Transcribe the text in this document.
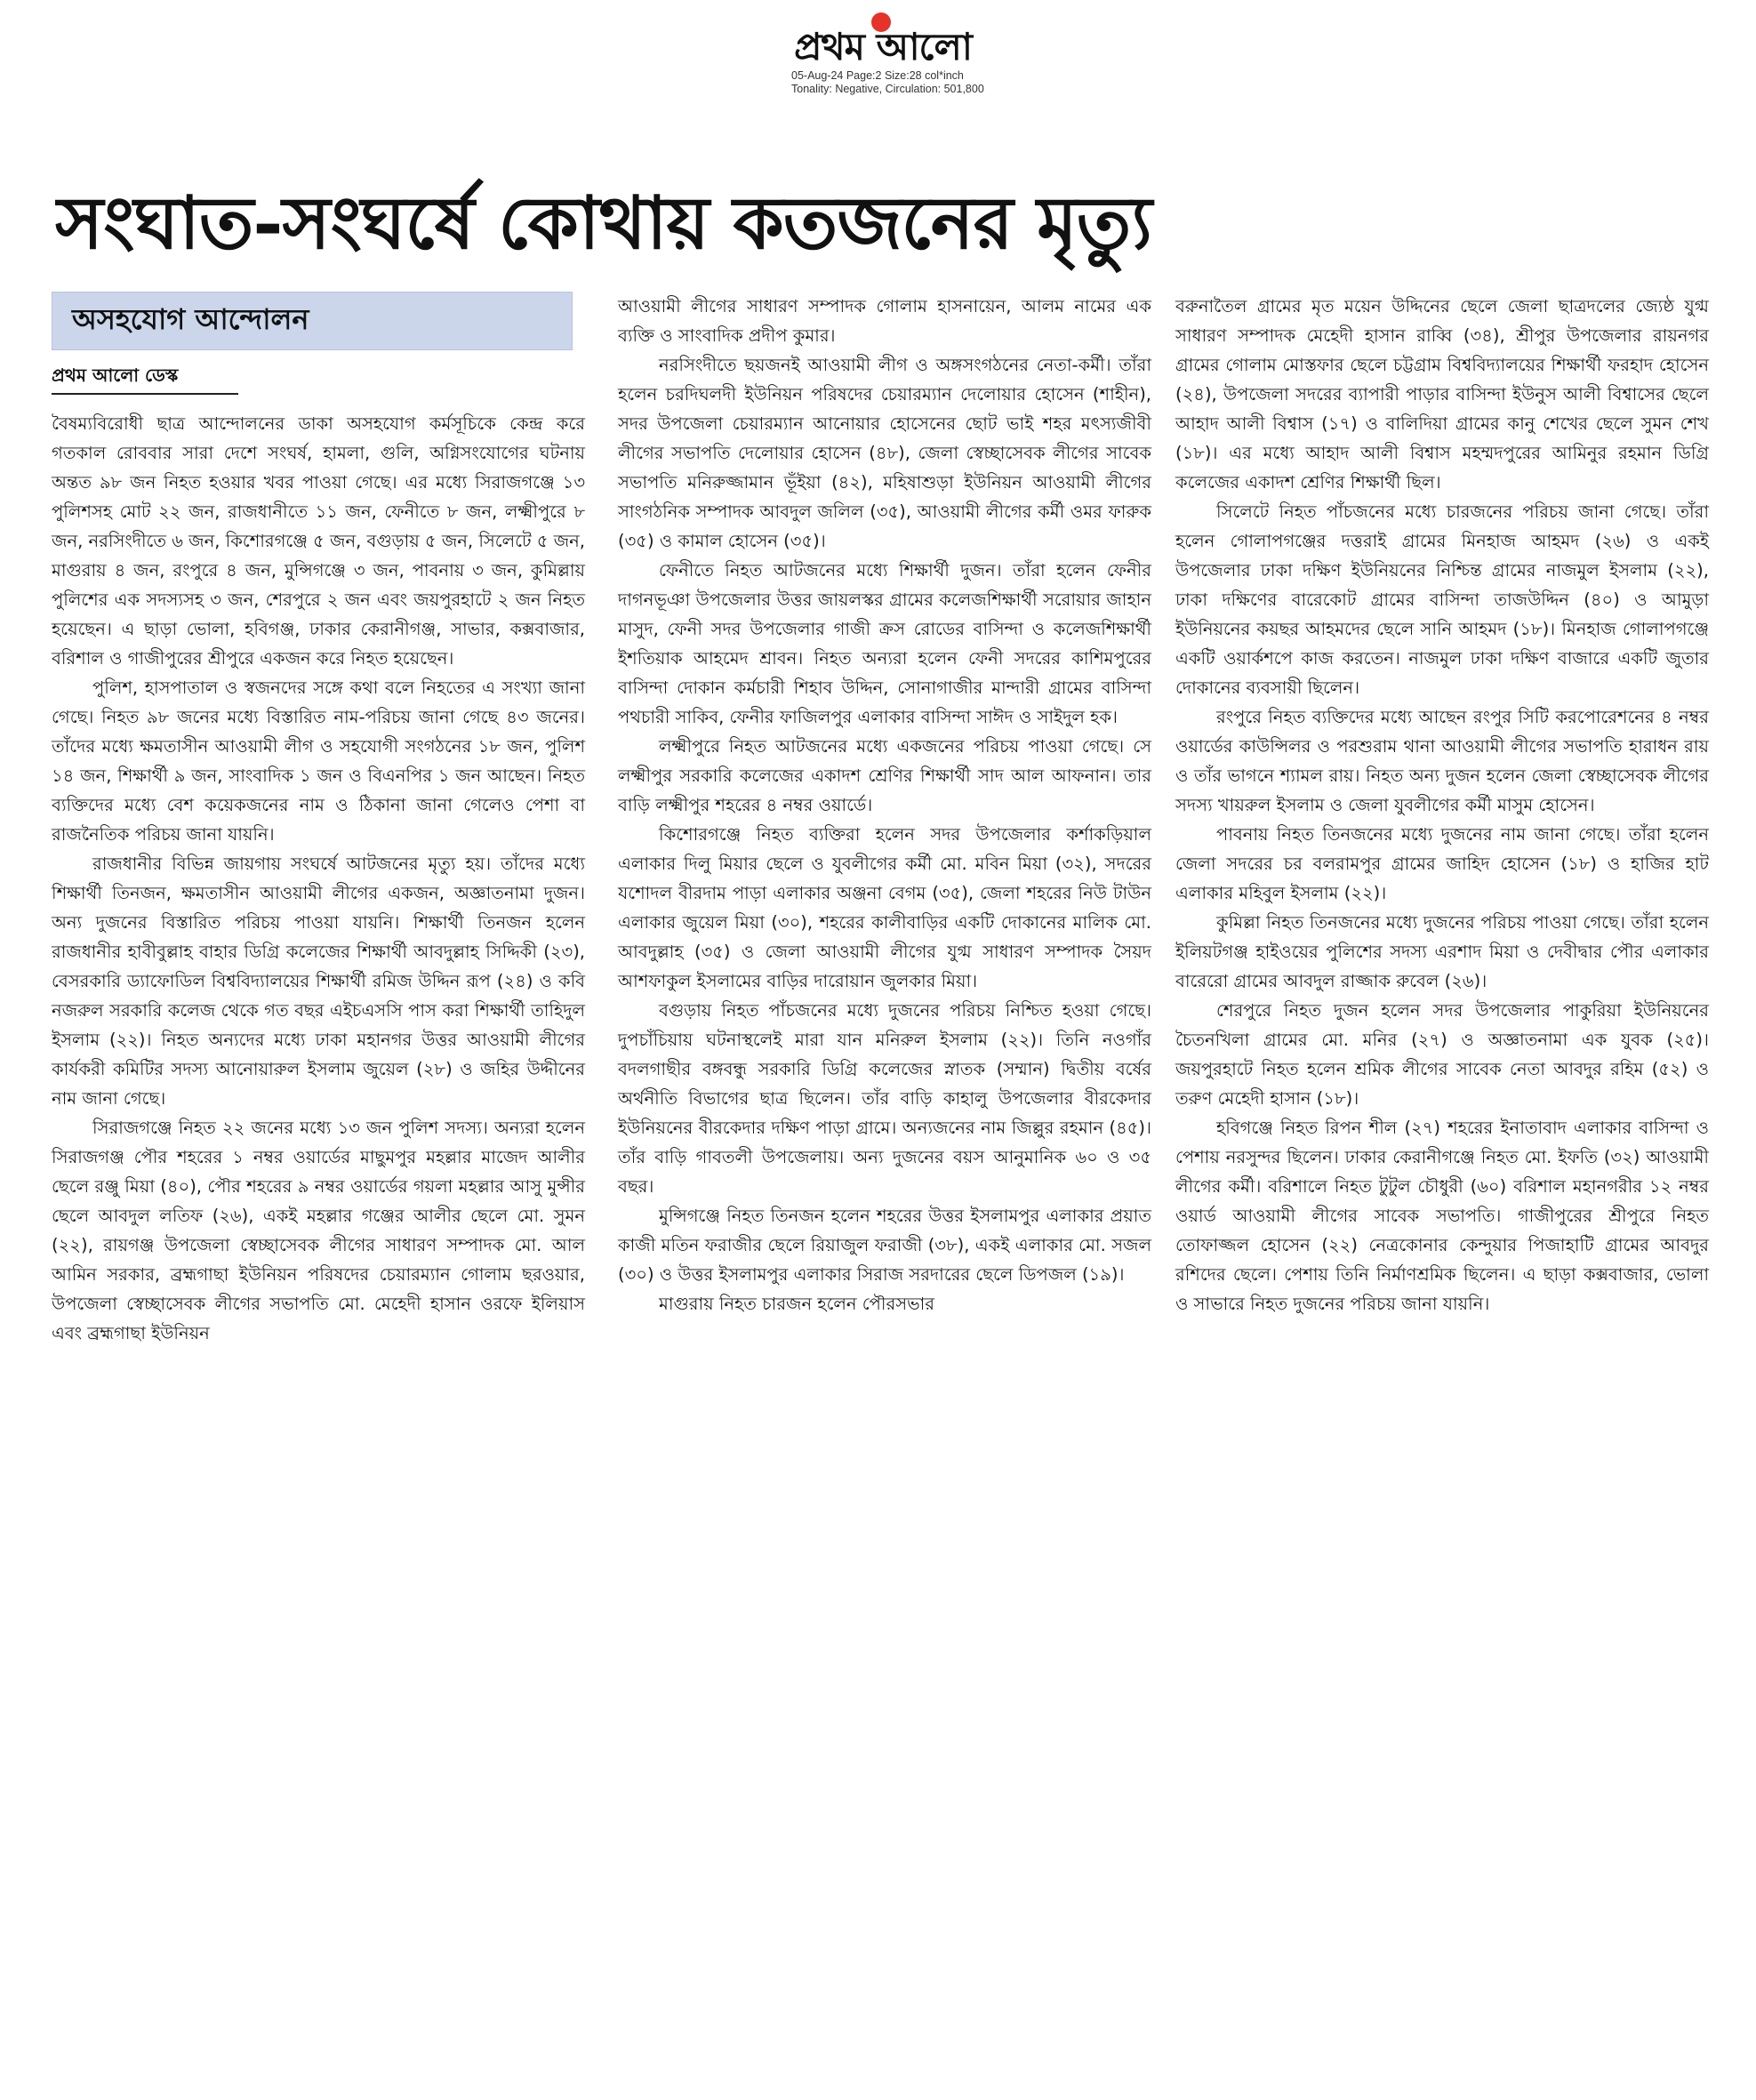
প্রথম আলো
05-Aug-24 Page:2 Size:28 col*inch
Tonality: Negative, Circulation: 501,800
সংঘাত-সংঘর্ষে কোথায় কতজনের মৃত্যু
অসহযোগ আন্দোলন
প্রথম আলো ডেস্ক

বৈষম্যবিরোধী ছাত্র আন্দোলনের ডাকা অসহযোগ কর্মসূচিকে কেন্দ্র করে গতকাল রোববার সারা দেশে সংঘর্ষ, হামলা, গুলি, অগ্নিসংযোগের ঘটনায় অন্তত ৯৮ জন নিহত হওয়ার খবর পাওয়া গেছে। এর মধ্যে সিরাজগঞ্জে ১৩ পুলিশসহ মোট ২২ জন, রাজধানীতে ১১ জন, ফেনীতে ৮ জন, লক্ষ্মীপুরে ৮ জন, নরসিংদীতে ৬ জন, কিশোরগঞ্জে ৫ জন, বগুড়ায় ৫ জন, সিলেটে ৫ জন, মাগুরায় ৪ জন, রংপুরে ৪ জন, মুন্সিগঞ্জে ৩ জন, পাবনায় ৩ জন, কুমিল্লায় পুলিশের এক সদস্যসহ ৩ জন, শেরপুরে ২ জন এবং জয়পুরহাটে ২ জন নিহত হয়েছেন। এ ছাড়া ভোলা, হবিগঞ্জ, ঢাকার কেরানীগঞ্জ, সাভার, কক্সবাজার, বরিশাল ও গাজীপুরের শ্রীপুরে একজন করে নিহত হয়েছেন।

পুলিশ, হাসপাতাল ও স্বজনদের সঙ্গে কথা বলে নিহতের এ সংখ্যা জানা গেছে। নিহত ৯৮ জনের মধ্যে বিস্তারিত নাম-পরিচয় জানা গেছে ৪৩ জনের। তাঁদের মধ্যে ক্ষমতাসীন আওয়ামী লীগ ও সহযোগী সংগঠনের ১৮ জন, পুলিশ ১৪ জন, শিক্ষার্থী ৯ জন, সাংবাদিক ১ জন ও বিএনপির ১ জন আছেন। নিহত ব্যক্তিদের মধ্যে বেশ কয়েকজনের নাম ও ঠিকানা জানা গেলেও পেশা বা রাজনৈতিক পরিচয় জানা যায়নি।

রাজধানীর বিভিন্ন জায়গায় সংঘর্ষে আটজনের মৃত্যু হয়। তাঁদের মধ্যে শিক্ষার্থী তিনজন, ক্ষমতাসীন আওয়ামী লীগের একজন, অজ্ঞাতনামা দুজন। অন্য দুজনের বিস্তারিত পরিচয় পাওয়া যায়নি। শিক্ষার্থী তিনজন হলেন রাজধানীর হাবীবুল্লাহ বাহার ডিগ্রি কলেজের শিক্ষার্থী আবদুল্লাহ সিদ্দিকী (২৩), বেসরকারি ড্যাফোডিল বিশ্ববিদ্যালয়ের শিক্ষার্থী রমিজ উদ্দিন রূপ (২৪) ও কবি নজরুল সরকারি কলেজ থেকে গত বছর এইচএসসি পাস করা শিক্ষার্থী তাহিদুল ইসলাম (২২)। নিহত অন্যদের মধ্যে ঢাকা মহানগর উত্তর আওয়ামী লীগের কার্যকরী কমিটির সদস্য আনোয়ারুল ইসলাম জুয়েল (২৮) ও জহির উদ্দীনের নাম জানা গেছে।

সিরাজগঞ্জে নিহত ২২ জনের মধ্যে ১৩ জন পুলিশ সদস্য। অন্যরা হলেন সিরাজগঞ্জ পৌর শহরের ১ নম্বর ওয়ার্ডের মাছুমপুর মহল্লার মাজেদ আলীর ছেলে রঞ্জু মিয়া (৪০), পৌর শহরের ৯ নম্বর ওয়ার্ডের গয়লা মহল্লার আসু মুন্সীর ছেলে আবদুল লতিফ (২৬), একই মহল্লার গঞ্জের আলীর ছেলে মো. সুমন (২২), রায়গঞ্জ উপজেলা স্বেচ্ছাসেবক লীগের সাধারণ সম্পাদক মো. আল আমিন সরকার, ব্রহ্মগাছা ইউনিয়ন পরিষদের চেয়ারম্যান গোলাম ছরওয়ার, উপজেলা স্বেচ্ছাসেবক লীগের সভাপতি মো. মেহেদী হাসান ওরফে ইলিয়াস এবং ব্রহ্মগাছা ইউনিয়ন

আওয়ামী লীগের সাধারণ সম্পাদক গোলাম হাসনায়েন, আলম নামের এক ব্যক্তি ও সাংবাদিক প্রদীপ কুমার।

নরসিংদীতে ছয়জনই আওয়ামী লীগ ও অঙ্গসংগঠনের নেতা-কর্মী। তাঁরা হলেন চরদিঘলদী ইউনিয়ন পরিষদের চেয়ারম্যান দেলোয়ার হোসেন (শাহীন), সদর উপজেলা চেয়ারম্যান আনোয়ার হোসেনের ছোট ভাই শহর মৎস্যজীবী লীগের সভাপতি দেলোয়ার হোসেন (৪৮), জেলা স্বেচ্ছাসেবক লীগের সাবেক সভাপতি মনিরুজ্জামান ভূঁইয়া (৪২), মহিষাশুড়া ইউনিয়ন আওয়ামী লীগের সাংগঠনিক সম্পাদক আবদুল জলিল (৩৫), আওয়ামী লীগের কর্মী ওমর ফারুক (৩৫) ও কামাল হোসেন (৩৫)।

ফেনীতে নিহত আটজনের মধ্যে শিক্ষার্থী দুজন। তাঁরা হলেন ফেনীর দাগনভূঞা উপজেলার উত্তর জায়লস্কর গ্রামের কলেজশিক্ষার্থী সরোয়ার জাহান মাসুদ, ফেনী সদর উপজেলার গাজী ক্রস রোডের বাসিন্দা ও কলেজশিক্ষার্থী ইশতিয়াক আহমেদ শ্রাবন। নিহত অন্যরা হলেন ফেনী সদরের কাশিমপুরের বাসিন্দা দোকান কর্মচারী শিহাব উদ্দিন, সোনাগাজীর মান্দারী গ্রামের বাসিন্দা পথচারী সাকিব, ফেনীর ফাজিলপুর এলাকার বাসিন্দা সাঈদ ও সাইদুল হক।

লক্ষ্মীপুরে নিহত আটজনের মধ্যে একজনের পরিচয় পাওয়া গেছে। সে লক্ষ্মীপুর সরকারি কলেজের একাদশ শ্রেণির শিক্ষার্থী সাদ আল আফনান। তার বাড়ি লক্ষ্মীপুর শহরের ৪ নম্বর ওয়ার্ডে।

কিশোরগঞ্জে নিহত ব্যক্তিরা হলেন সদর উপজেলার কর্শাকড়িয়াল এলাকার দিলু মিয়ার ছেলে ও যুবলীগের কর্মী মো. মবিন মিয়া (৩২), সদরের যশোদল বীরদাম পাড়া এলাকার অঞ্জনা বেগম (৩৫), জেলা শহরের নিউ টাউন এলাকার জুয়েল মিয়া (৩০), শহরের কালীবাড়ির একটি দোকানের মালিক মো. আবদুল্লাহ (৩৫) ও জেলা আওয়ামী লীগের যুগ্ম সাধারণ সম্পাদক সৈয়দ আশফাকুল ইসলামের বাড়ির দারোয়ান জুলকার মিয়া।

বগুড়ায় নিহত পাঁচজনের মধ্যে দুজনের পরিচয় নিশ্চিত হওয়া গেছে। দুপচাঁচিয়ায় ঘটনাস্থলেই মারা যান মনিরুল ইসলাম (২২)। তিনি নওগাঁর বদলগাছীর বঙ্গবন্ধু সরকারি ডিগ্রি কলেজের স্নাতক (সম্মান) দ্বিতীয় বর্ষের অর্থনীতি বিভাগের ছাত্র ছিলেন। তাঁর বাড়ি কাহালু উপজেলার বীরকেদার ইউনিয়নের বীরকেদার দক্ষিণ পাড়া গ্রামে। অন্যজনের নাম জিল্লুর রহমান (৪৫)। তাঁর বাড়ি গাবতলী উপজেলায়। অন্য দুজনের বয়স আনুমানিক ৬০ ও ৩৫ বছর।

মুন্সিগঞ্জে নিহত তিনজন হলেন শহরের উত্তর ইসলামপুর এলাকার প্রয়াত কাজী মতিন ফরাজীর ছেলে রিয়াজুল ফরাজী (৩৮), একই এলাকার মো. সজল (৩০) ও উত্তর ইসলামপুর এলাকার সিরাজ সরদারের ছেলে ডিপজল (১৯)।

মাগুরায় নিহত চারজন হলেন পৌরসভার

বরুনাতৈল গ্রামের মৃত ময়েন উদ্দিনের ছেলে জেলা ছাত্রদলের জ্যেষ্ঠ যুগ্ম সাধারণ সম্পাদক মেহেদী হাসান রাব্বি (৩৪), শ্রীপুর উপজেলার রায়নগর গ্রামের গোলাম মোস্তফার ছেলে চট্টগ্রাম বিশ্ববিদ্যালয়ের শিক্ষার্থী ফরহাদ হোসেন (২৪), উপজেলা সদরের ব্যাপারী পাড়ার বাসিন্দা ইউনুস আলী বিশ্বাসের ছেলে আহাদ আলী বিশ্বাস (১৭) ও বালিদিয়া গ্রামের কানু শেখের ছেলে সুমন শেখ (১৮)। এর মধ্যে আহাদ আলী বিশ্বাস মহম্মদপুরের আমিনুর রহমান ডিগ্রি কলেজের একাদশ শ্রেণির শিক্ষার্থী ছিল।

সিলেটে নিহত পাঁচজনের মধ্যে চারজনের পরিচয় জানা গেছে। তাঁরা হলেন গোলাপগঞ্জের দত্তরাই গ্রামের মিনহাজ আহমদ (২৬) ও একই উপজেলার ঢাকা দক্ষিণ ইউনিয়নের নিশ্চিন্ত গ্রামের নাজমুল ইসলাম (২২), ঢাকা দক্ষিণের বারেকোট গ্রামের বাসিন্দা তাজউদ্দিন (৪০) ও আমুড়া ইউনিয়নের কয়ছর আহমদের ছেলে সানি আহমদ (১৮)। মিনহাজ গোলাপগঞ্জে একটি ওয়ার্কশপে কাজ করতেন। নাজমুল ঢাকা দক্ষিণ বাজারে একটি জুতার দোকানের ব্যবসায়ী ছিলেন।

রংপুরে নিহত ব্যক্তিদের মধ্যে আছেন রংপুর সিটি করপোরেশনের ৪ নম্বর ওয়ার্ডের কাউন্সিলর ও পরশুরাম থানা আওয়ামী লীগের সভাপতি হারাধন রায় ও তাঁর ভাগনে শ্যামল রায়। নিহত অন্য দুজন হলেন জেলা স্বেচ্ছাসেবক লীগের সদস্য খায়রুল ইসলাম ও জেলা যুবলীগের কর্মী মাসুম হোসেন।

পাবনায় নিহত তিনজনের মধ্যে দুজনের নাম জানা গেছে। তাঁরা হলেন জেলা সদরের চর বলরামপুর গ্রামের জাহিদ হোসেন (১৮) ও হাজির হাট এলাকার মহিবুল ইসলাম (২২)।

কুমিল্লা নিহত তিনজনের মধ্যে দুজনের পরিচয় পাওয়া গেছে। তাঁরা হলেন ইলিয়টগঞ্জ হাইওয়ের পুলিশের সদস্য এরশাদ মিয়া ও দেবীদ্বার পৌর এলাকার বারেরো গ্রামের আবদুল রাজ্জাক রুবেল (২৬)।

শেরপুরে নিহত দুজন হলেন সদর উপজেলার পাকুরিয়া ইউনিয়নের চৈতনখিলা গ্রামের মো. মনির (২৭) ও অজ্ঞাতনামা এক যুবক (২৫)। জয়পুরহাটে নিহত হলেন শ্রমিক লীগের সাবেক নেতা আবদুর রহিম (৫২) ও তরুণ মেহেদী হাসান (১৮)।

হবিগঞ্জে নিহত রিপন শীল (২৭) শহরের ইনাতাবাদ এলাকার বাসিন্দা ও পেশায় নরসুন্দর ছিলেন। ঢাকার কেরানীগঞ্জে নিহত মো. ইফতি (৩২) আওয়ামী লীগের কর্মী। বরিশালে নিহত টুটুল চৌধুরী (৬০) বরিশাল মহানগরীর ১২ নম্বর ওয়ার্ড আওয়ামী লীগের সাবেক সভাপতি। গাজীপুরের শ্রীপুরে নিহত তোফাজ্জল হোসেন (২২) নেত্রকোনার কেন্দুয়ার পিজাহাটি গ্রামের আবদুর রশিদের ছেলে। পেশায় তিনি নির্মাণশ্রমিক ছিলেন। এ ছাড়া কক্সবাজার, ভোলা ও সাভারে নিহত দুজনের পরিচয় জানা যায়নি।
